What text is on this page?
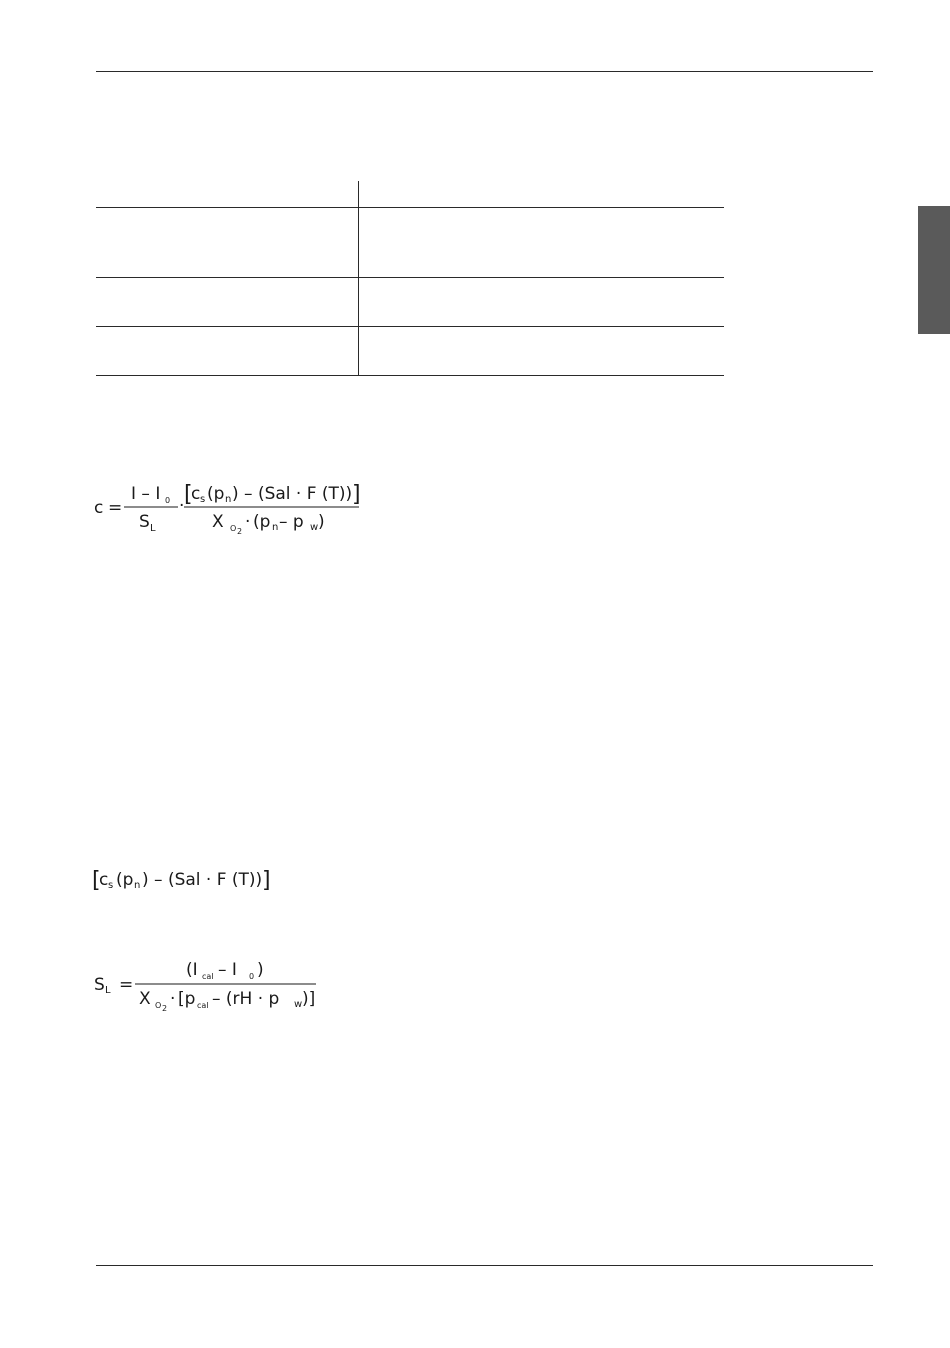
c =
I – I 0
S L
· [
c s (p n ) – (Sal · F (T)) ]
X O 2 · (p n – p w )
[
c s (p n ) – (Sal · F (T)) ]
S L =
(I cal – I 0 )
X O 2 · [p cal – (rH · p w )]
